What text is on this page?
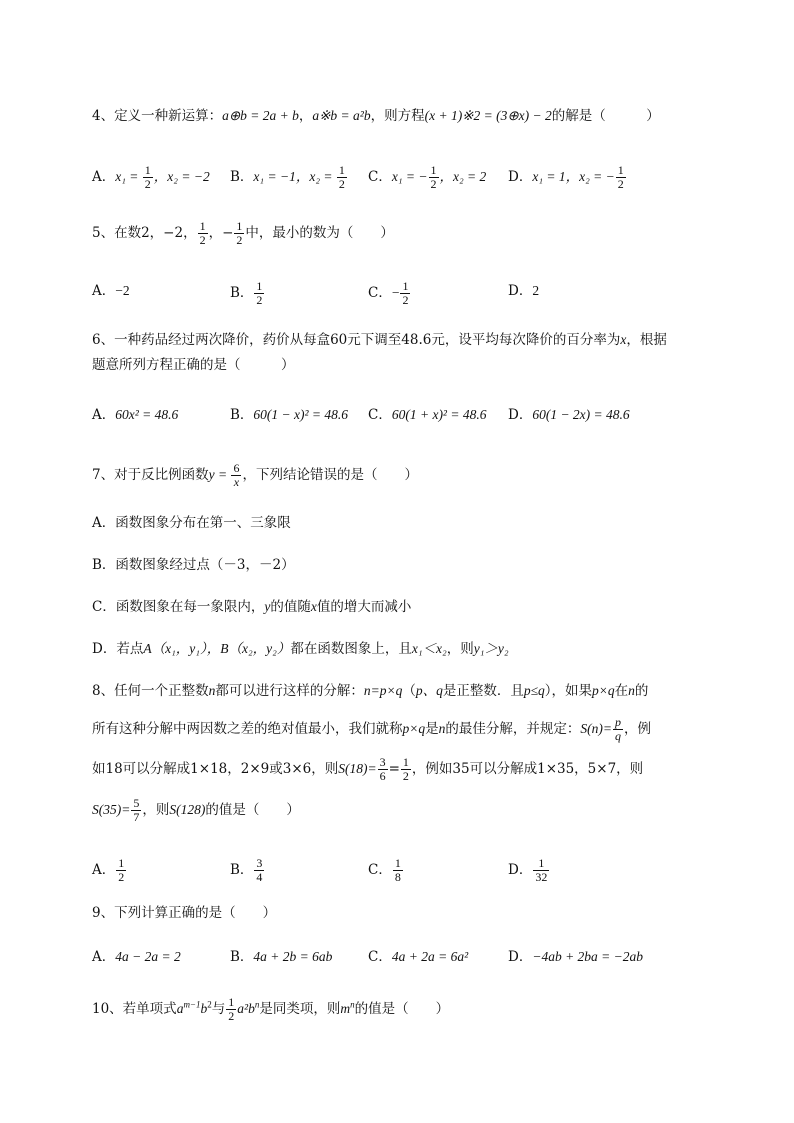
4、定义一种新运算：a⊕b = 2a + b，a※b = a²b，则方程(x + 1)※2 = (3⊕x) − 2的解是（　　　）
A．$x_1 = \frac{1}{2}$ ，x₂ = −2 B．x₁ = −1，$x_2 = \frac{1}{2}$ C．x₁ = − $\frac{1}{2}$ ，x₂ = 2 D．x₁ = 1，x₂ = − $\frac{1}{2}$
5、在数2，−2， $\frac{1}{2}$ ，− $\frac{1}{2}$ 中，最小的数为（　　）
A．−2	B． $\frac{1}{2}$	C．− $\frac{1}{2}$	D．2
6、一种药品经过两次降价，药价从每盒60元下调至48.6元，设平均每次降价的百分率为x，根据
题意所列方程正确的是（　　　）
A．60x² = 48.6	B．60(1 − x)² = 48.6 C．60(1 + x)² = 48.6 D．60(1 − 2x) = 48.6
7、对于反比例函数$y = \frac{6}{x}$ ，下列结论错误的是（　　）
A．函数图象分布在第一、三象限
B．函数图象经过点（－3，－2）
C．函数图象在每一象限内，y的值随x值的增大而减小
D．若点A（x₁，y₁），B（x₂，y₂）都在函数图象上，且x₁＜x₂，则y₁＞y₂
8、任何一个正整数n都可以进行这样的分解：n=p×q（p、q是正整数．且p≤q），如果p×q在n的
所有这种分解中两因数之差的绝对值最小，我们就称p×q是n的最佳分解，并规定：$S(n)= \frac{p}{q}$ ，例
如18可以分解成1×18，2×9或3×6，则$S(18)= \frac{3}{6} = \frac{1}{2}$ ，例如35可以分解成1×35，5×7，则
$S(35)= \frac{5}{7}$ ，则S(128)的值是（　　）
A． $\frac{1}{2}$	B． $\frac{3}{4}$	C． $\frac{1}{8}$	D． $\frac{1}{32}$
9、下列计算正确的是（　　）
A．4a − 2a = 2	B．4a + 2b = 6ab	C．4a + 2a = 6a²	D．−4ab + 2ba = −2ab
10、若单项式$a^{m-1}b^2$与 $\frac{1}{2} a^2b^n$是同类项，则$m^n$的值是（　　）
